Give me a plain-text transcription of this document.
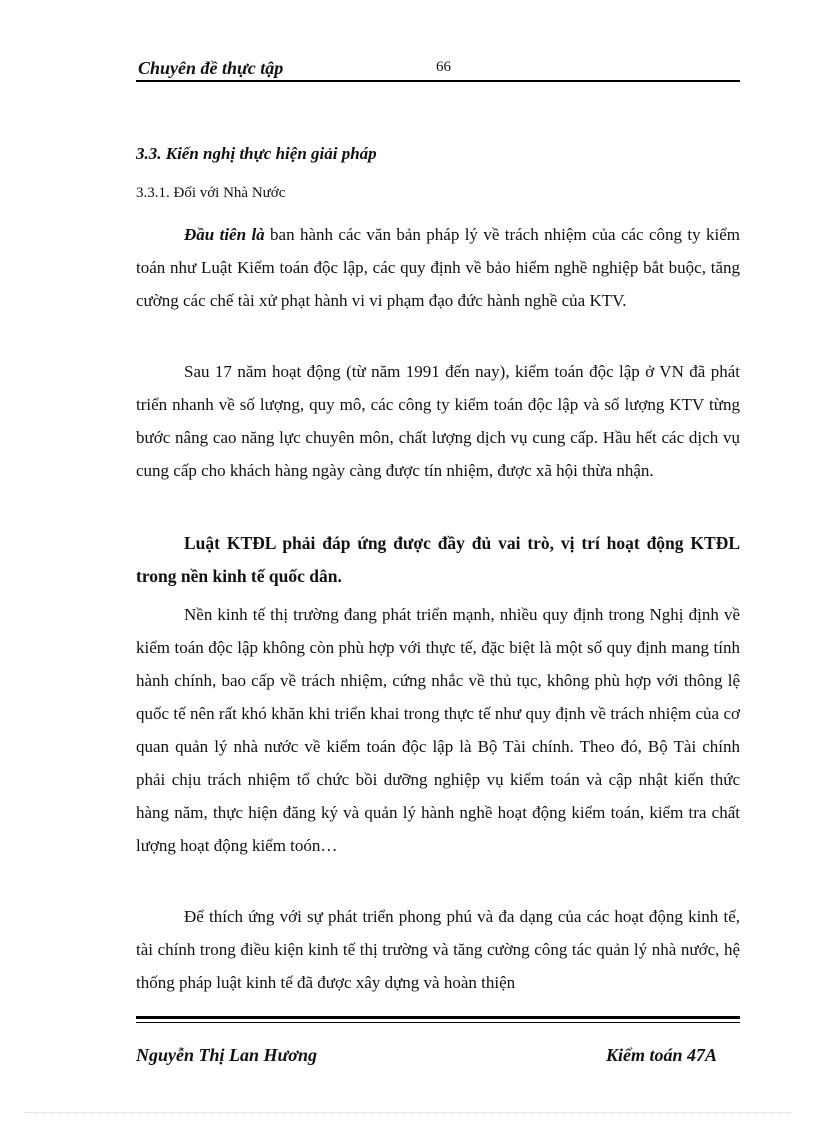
Chuyên đề thực tập	66
3.3. Kiến nghị thực hiện giải pháp
3.3.1. Đối với Nhà Nước

Đầu tiên là ban hành các văn bản pháp lý về trách nhiệm của các công ty kiểm toán như Luật Kiểm toán độc lập, các quy định về bảo hiểm nghề nghiệp bắt buộc, tăng cường các chế tài xử phạt hành vi vi phạm đạo đức hành nghề của KTV.

Sau 17 năm hoạt động (từ năm 1991 đến nay), kiểm toán độc lập ở VN đã phát triển nhanh về số lượng, quy mô, các công ty kiểm toán độc lập và số lượng KTV từng bước nâng cao năng lực chuyên môn, chất lượng dịch vụ cung cấp. Hầu hết các dịch vụ cung cấp cho khách hàng ngày càng được tín nhiệm, được xã hội thừa nhận.

Luật KTĐL phải đáp ứng được đầy đủ vai trò, vị trí hoạt động KTĐL trong nền kinh tế quốc dân.

Nền kinh tế thị trường đang phát triển mạnh, nhiều quy định trong Nghị định về kiểm toán độc lập không còn phù hợp với thực tế, đặc biệt là một số quy định mang tính hành chính, bao cấp về trách nhiệm, cứng nhắc về thủ tục, không phù hợp với thông lệ quốc tế nên rất khó khăn khi triển khai trong thực tế như quy định về trách nhiệm của cơ quan quản lý nhà nước về kiểm toán độc lập là Bộ Tài chính. Theo đó, Bộ Tài chính phải chịu trách nhiệm tổ chức bồi dưỡng nghiệp vụ kiểm toán và cập nhật kiến thức hàng năm, thực hiện đăng ký và quản lý hành nghề hoạt động kiểm toán, kiểm tra chất lượng hoạt động kiểm toón…

Để thích ứng với sự phát triển phong phú và đa dạng của các hoạt động kinh tế, tài chính trong điều kiện kinh tế thị trường và tăng cường công tác quản lý nhà nước, hệ thống pháp luật kinh tế đã được xây dựng và hoàn thiện

Nguyễn Thị Lan Hương	Kiểm toán 47A
